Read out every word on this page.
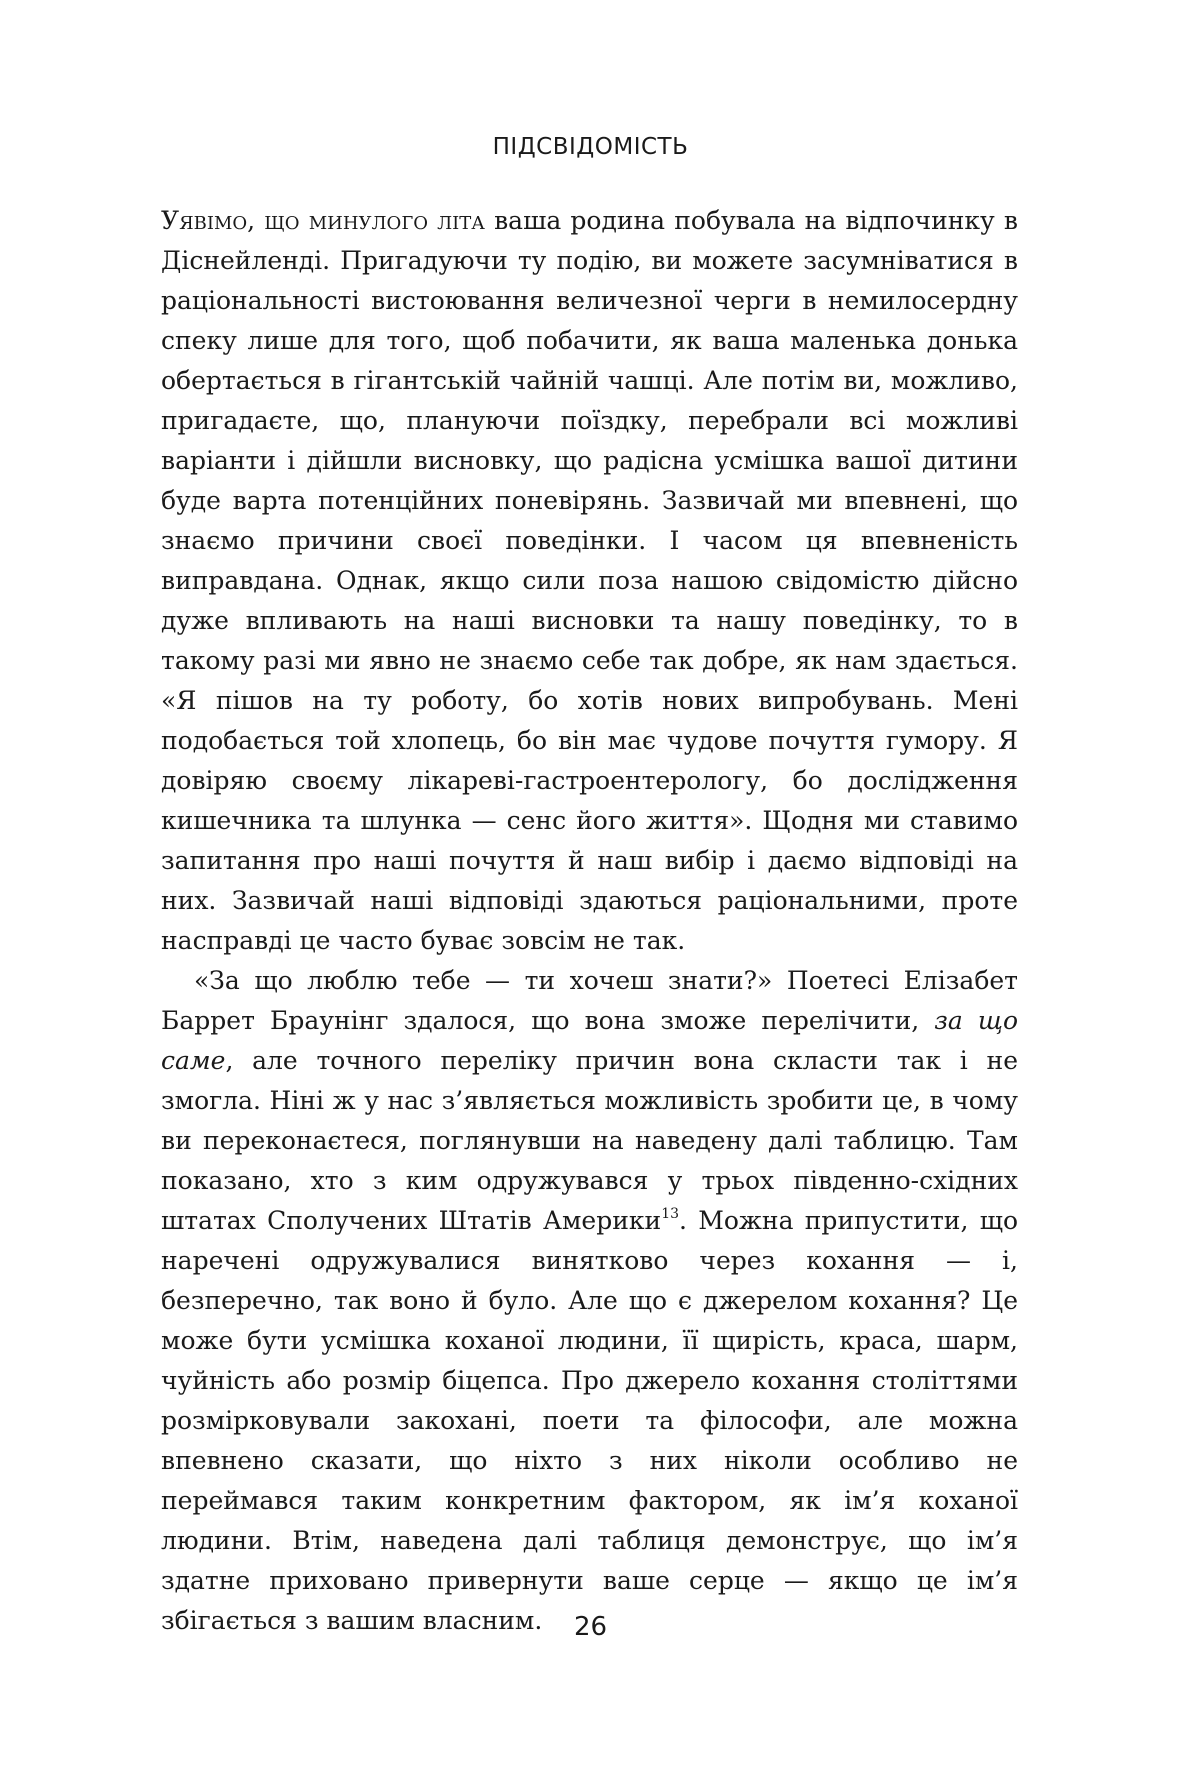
ПІДСВІДОМІСТЬ

Уявімо, що минулого літа ваша родина побувала на відпочинку в Діснейленді. Пригадуючи ту подію, ви можете засумніватися в раціональності вистоювання величезної черги в немилосердну спеку лише для того, щоб побачити, як ваша маленька донька обертається в гігантській чайній чашці. Але потім ви, можливо, пригадаєте, що, плануючи поїздку, перебрали всі можливі варіанти і дійшли висновку, що радісна усмішка вашої дитини буде варта потенційних поневірянь. Зазвичай ми впевнені, що знаємо причини своєї поведінки. І часом ця впевненість виправдана. Однак, якщо сили поза нашою свідомістю дійсно дуже впливають на наші висновки та нашу поведінку, то в такому разі ми явно не знаємо себе так добре, як нам здається. «Я пішов на ту роботу, бо хотів нових випробувань. Мені подобається той хлопець, бо він має чудове почуття гумору. Я довіряю своєму лікареві-гастроентерологу, бо дослідження кишечника та шлунка — сенс його життя». Щодня ми ставимо запитання про наші почуття й наш вибір і даємо відповіді на них. Зазвичай наші відповіді здаються раціональними, проте насправді це часто буває зовсім не так.

«За що люблю тебе — ти хочеш знати?» Поетесі Елізабет Баррет Браунінг здалося, що вона зможе перелічити, за що саме, але точного переліку причин вона скласти так і не змогла. Ніні ж у нас з’являється можливість зробити це, в чому ви переконаєтеся, поглянувши на наведену далі таблицю. Там показано, хто з ким одружувався у трьох південно-східних штатах Сполучених Штатів Америки$^{13}$. Можна припустити, що наречені одружувалися винятково через кохання — і, безперечно, так воно й було. Але що є джерелом кохання? Це може бути усмішка коханої людини, її щирість, краса, шарм, чуйність або розмір біцепса. Про джерело кохання століттями розмірковували закохані, поети та філософи, але можна впевнено сказати, що ніхто з них ніколи особливо не переймався таким конкретним фактором, як ім’я коханої людини. Втім, наведена далі таблиця демонструє, що ім’я здатне приховано привернути ваше серце — якщо це ім’я збігається з вашим власним.	26
